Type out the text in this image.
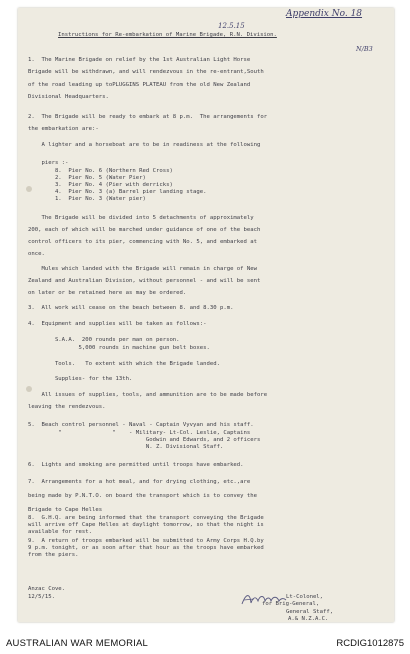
Appendix No. 18
12.5.15
N/B3
Instructions for Re-embarkation of Marine Brigade, R.N. Division.
1.  The Marine Brigade on relief by the 1st Australian Light Horse
Brigade will be withdrawn, and will rendezvous in the re-entrant,South
of the road leading up toPLUGGINS PLATEAU from the old New Zealand
Divisional Headquarters.
2.  The Brigade will be ready to embark at 8 p.m.  The arrangements for
the embarkation are:-
A lighter and a horseboat are to be in readiness at the following
piers :-
8.  Pier No. 6 (Northern Red Cross)
2.  Pier No. 5 (Water Pier)
3.  Pier No. 4 (Pier with derricks)
4.  Pier No. 3 (a) Barrel pier landing stage.
1.  Pier No. 3 (Water pier)
The Brigade will be divided into 5 detachments of approximately
200, each of which will be marched under guidance of one of the beach
control officers to its pier, commencing with No. 5, and embarked at
once.
Mules which landed with the Brigade will remain in charge of New
Zealand and Australian Division, without personnel - and will be sent
on later or be retained here as may be ordered.
3.  All work will cease on the beach between 8. and 8.30 p.m.
4.  Equipment and supplies will be taken as follows:-
S.A.A.  200 rounds per man on person.
5,000 rounds in machine gun belt boxes.
Tools.   To extent with which the Brigade landed.
Supplies- for the 13th.
All issues of supplies, tools, and ammunition are to be made before
leaving the rendezvous.
5.  Beach control personnel - Naval - Captain Vyvyan and his staff.
"               "    - Military- Lt-Col. Leslie, Captains
Godwin and Edwards, and 2 officers
N. Z. Divisional Staff.
6.  Lights and smoking are permitted until troops have embarked.
7.  Arrangements for a hot meal, and for drying clothing, etc.,are
being made by P.N.T.O. on board the transport which is to convey the
Brigade to Cape Helles
8.  G.H.Q. are being informed that the transport conveying the Brigade
will arrive off Cape Helles at daylight tomorrow, so that the night is
available for rest.
9.  A return of troops embarked will be submitted to Army Corps H.Q.by
9 p.m. tonight, or as soon after that hour as the troops have embarked
from the piers.
Anzac Cove.
12/5/15.	Lt-Colonel,
for Brig-General,
General Staff,
A.& N.Z.A.C.
AUSTRALIAN WAR MEMORIAL	RCDIG1012875
